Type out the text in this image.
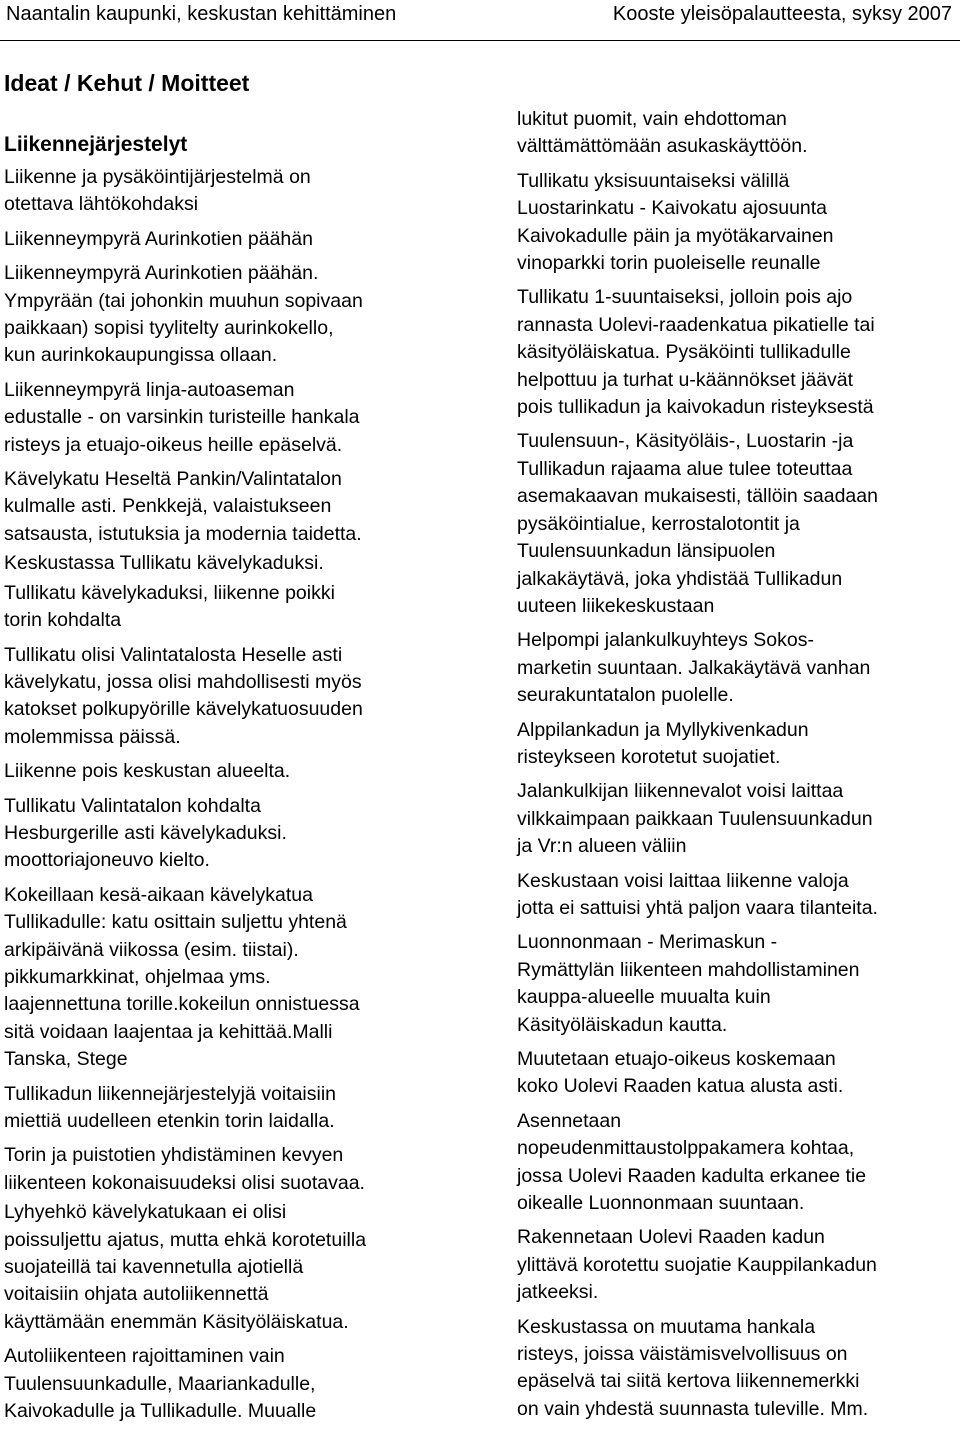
Naantalin kaupunki, keskustan kehittäminen	Kooste yleisöpalautteesta, syksy 2007
Ideat / Kehut / Moitteet
Liikennejärjestelyt

Liikenne ja pysäköintijärjestelmä on
otettava lähtökohdaksi

Liikenneympyrä Aurinkotien päähän

Liikenneympyrä Aurinkotien päähän.
Ympyrään (tai johonkin muuhun sopivaan
paikkaan) sopisi tyylitelty aurinkokello,
kun aurinkokaupungissa ollaan.

Liikenneympyrä linja-autoaseman
edustalle - on varsinkin turisteille hankala
risteys ja etuajo-oikeus heille epäselvä.

Kävelykatu Heseltä Pankin/Valintatalon
kulmalle asti. Penkkejä, valaistukseen
satsausta, istutuksia ja modernia taidetta.

Keskustassa Tullikatu kävelykaduksi.

Tullikatu kävelykaduksi, liikenne poikki
torin kohdalta

Tullikatu olisi Valintatalosta Heselle asti
kävelykatu, jossa olisi mahdollisesti myös
katokset polkupyörille kävelykatuosuuden
molemmissa päissä.

Liikenne pois keskustan alueelta.

Tullikatu Valintatalon kohdalta
Hesburgerille asti kävelykaduksi.
moottoriajoneuvo kielto.

Kokeillaan kesä-aikaan kävelykatua
Tullikadulle: katu osittain suljettu yhtenä
arkipäivänä viikossa (esim. tiistai).
pikkumarkkinat, ohjelmaa yms.
laajennettuna torille.kokeilun onnistuessa
sitä voidaan laajentaa ja kehittää.Malli
Tanska, Stege

Tullikadun liikennejärjestelyjä voitaisiin
miettiä uudelleen etenkin torin laidalla.

Torin ja puistotien yhdistäminen kevyen
liikenteen kokonaisuudeksi olisi suotavaa.

Lyhyehkö kävelykatukaan ei olisi
poissuljettu ajatus, mutta ehkä korotetuilla
suojateillä tai kavennetulla ajotiellä
voitaisiin ohjata autoliikennettä
käyttämään enemmän Käsityöläiskatua.

Autoliikenteen rajoittaminen vain
Tuulensuunkadulle, Maariankadulle,
Kaivokadulle ja Tullikadulle. Muualle

lukitut puomit, vain ehdottoman
välttämättömään asukaskäyttöön.

Tullikatu yksisuuntaiseksi välillä
Luostarinkatu - Kaivokatu ajosuunta
Kaivokadulle päin ja myötäkarvainen
vinoparkki torin puoleiselle reunalle

Tullikatu 1-suuntaiseksi, jolloin pois ajo
rannasta Uolevi-raadenkatua pikatielle tai
käsityöläiskatua. Pysäköinti tullikadulle
helpottuu ja turhat u-käännökset jäävät
pois tullikadun ja kaivokadun risteyksestä

Tuulensuun-, Käsityöläis-, Luostarin -ja
Tullikadun rajaama alue tulee toteuttaa
asemakaavan mukaisesti, tällöin saadaan
pysäköintialue, kerrostalotontit ja
Tuulensuunkadun länsipuolen
jalkakäytävä, joka yhdistää Tullikadun
uuteen liikekeskustaan

Helpompi jalankulkuyhteys Sokos-
marketin suuntaan. Jalkakäytävä vanhan
seurakuntatalon puolelle.

Alppilankadun ja Myllykivenkadun
risteykseen korotetut suojatiet.

Jalankulkijan liikennevalot voisi laittaa
vilkkaimpaan paikkaan Tuulensuunkadun
ja Vr:n alueen väliin

Keskustaan voisi laittaa liikenne valoja
jotta ei sattuisi yhtä paljon vaara tilanteita.

Luonnonmaan - Merimaskun -
Rymättylän liikenteen mahdollistaminen
kauppa-alueelle muualta kuin
Käsityöläiskadun kautta.

Muutetaan etuajo-oikeus koskemaan
koko Uolevi Raaden katua alusta asti.

Asennetaan
nopeudenmittaustolppakamera kohtaa,
jossa Uolevi Raaden kadulta erkanee tie
oikealle Luonnonmaan suuntaan.

Rakennetaan Uolevi Raaden kadun
ylittävä korotettu suojatie Kauppilankadun
jatkeeksi.

Keskustassa on muutama hankala
risteys, joissa väistämisvelvollisuus on
epäselvä tai siitä kertova liikennemerkki
on vain yhdestä suunnasta tuleville. Mm.
